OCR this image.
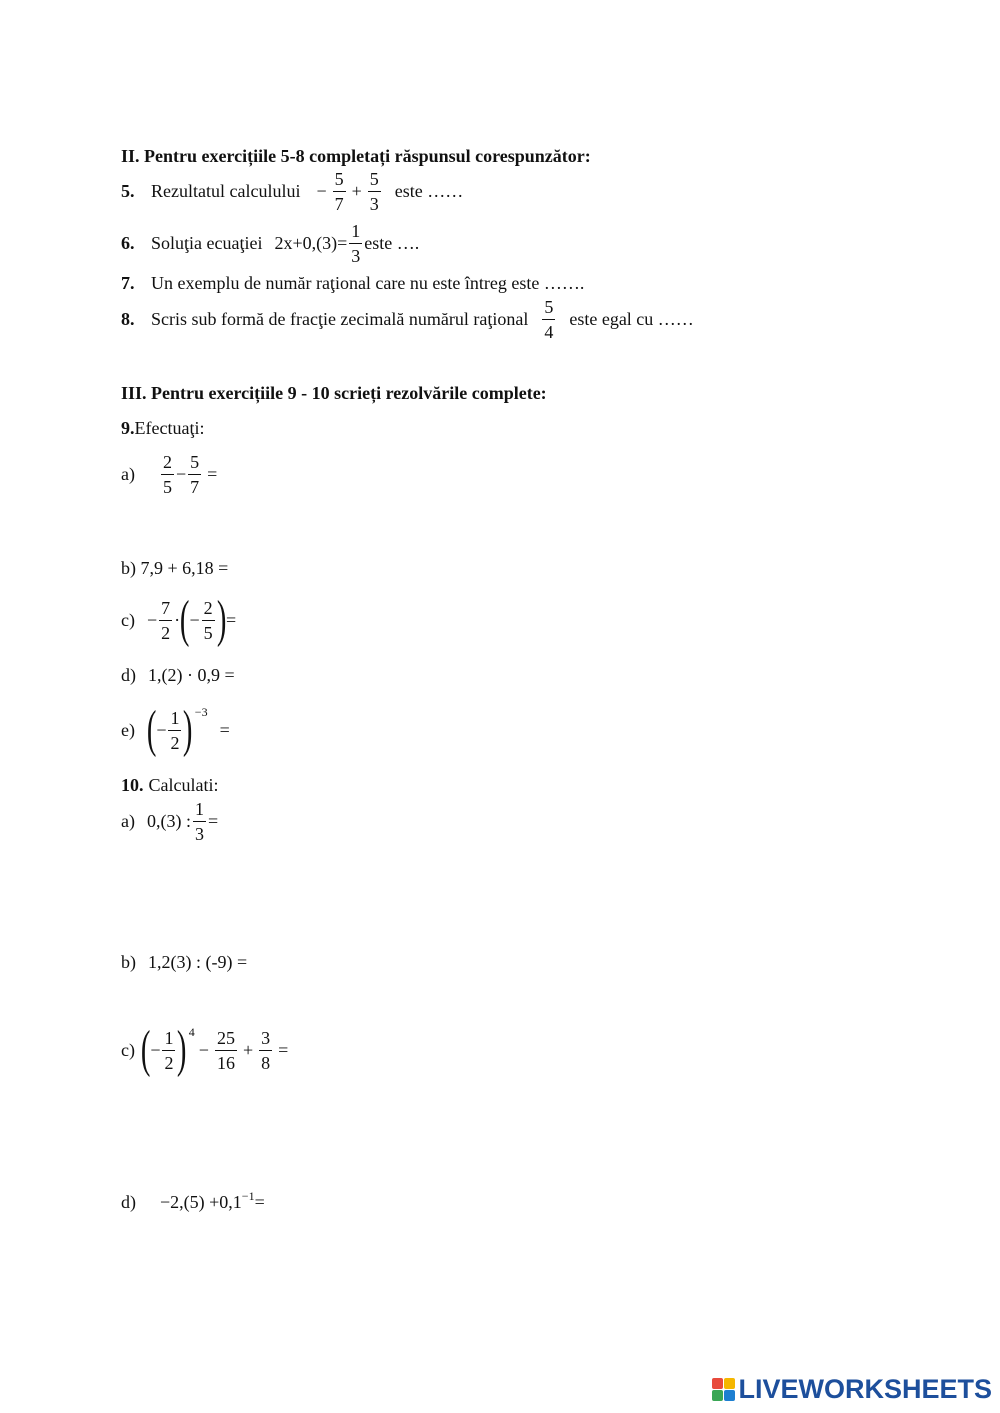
II. Pentru exercițiile 5-8 completați răspunsul corespunzător:
5. Rezultatul calculului − $\frac{5}{7} + \frac{5}{3}$ este ……
6. Soluţia ecuaţiei $2x+0,(3)= \frac{1}{3}$ este ….
7. Un exemplu de număr raţional care nu este întreg este …….
8. Scris sub formă de fracţie zecimală numărul raţional $\frac{5}{4}$ este egal cu ……
III. Pentru exercițiile 9 - 10 scrieți rezolvările complete:
9. Efectuaţi:
$a) \frac{2}{5} - \frac{5}{7}$ =
b) 7,9 + 6,18 =
$c) - \frac{7}{2}$ · ( − $\frac{2}{5}$ ) =
d) 1,(2) · 0,9 =
e) ( − $\frac{1}{2}$ ) −3
=
10. Calculati:
a) 0,(3) : $\frac{1}{3}$ =
b) 1,2(3) : (-9) =
c) ( − $\frac{1}{2}$ ) 4
− $\frac{25}{16} + \frac{3}{8}$ =
d) −2,(5) +0,1 −1 =
LIVEWORKSHEETS
